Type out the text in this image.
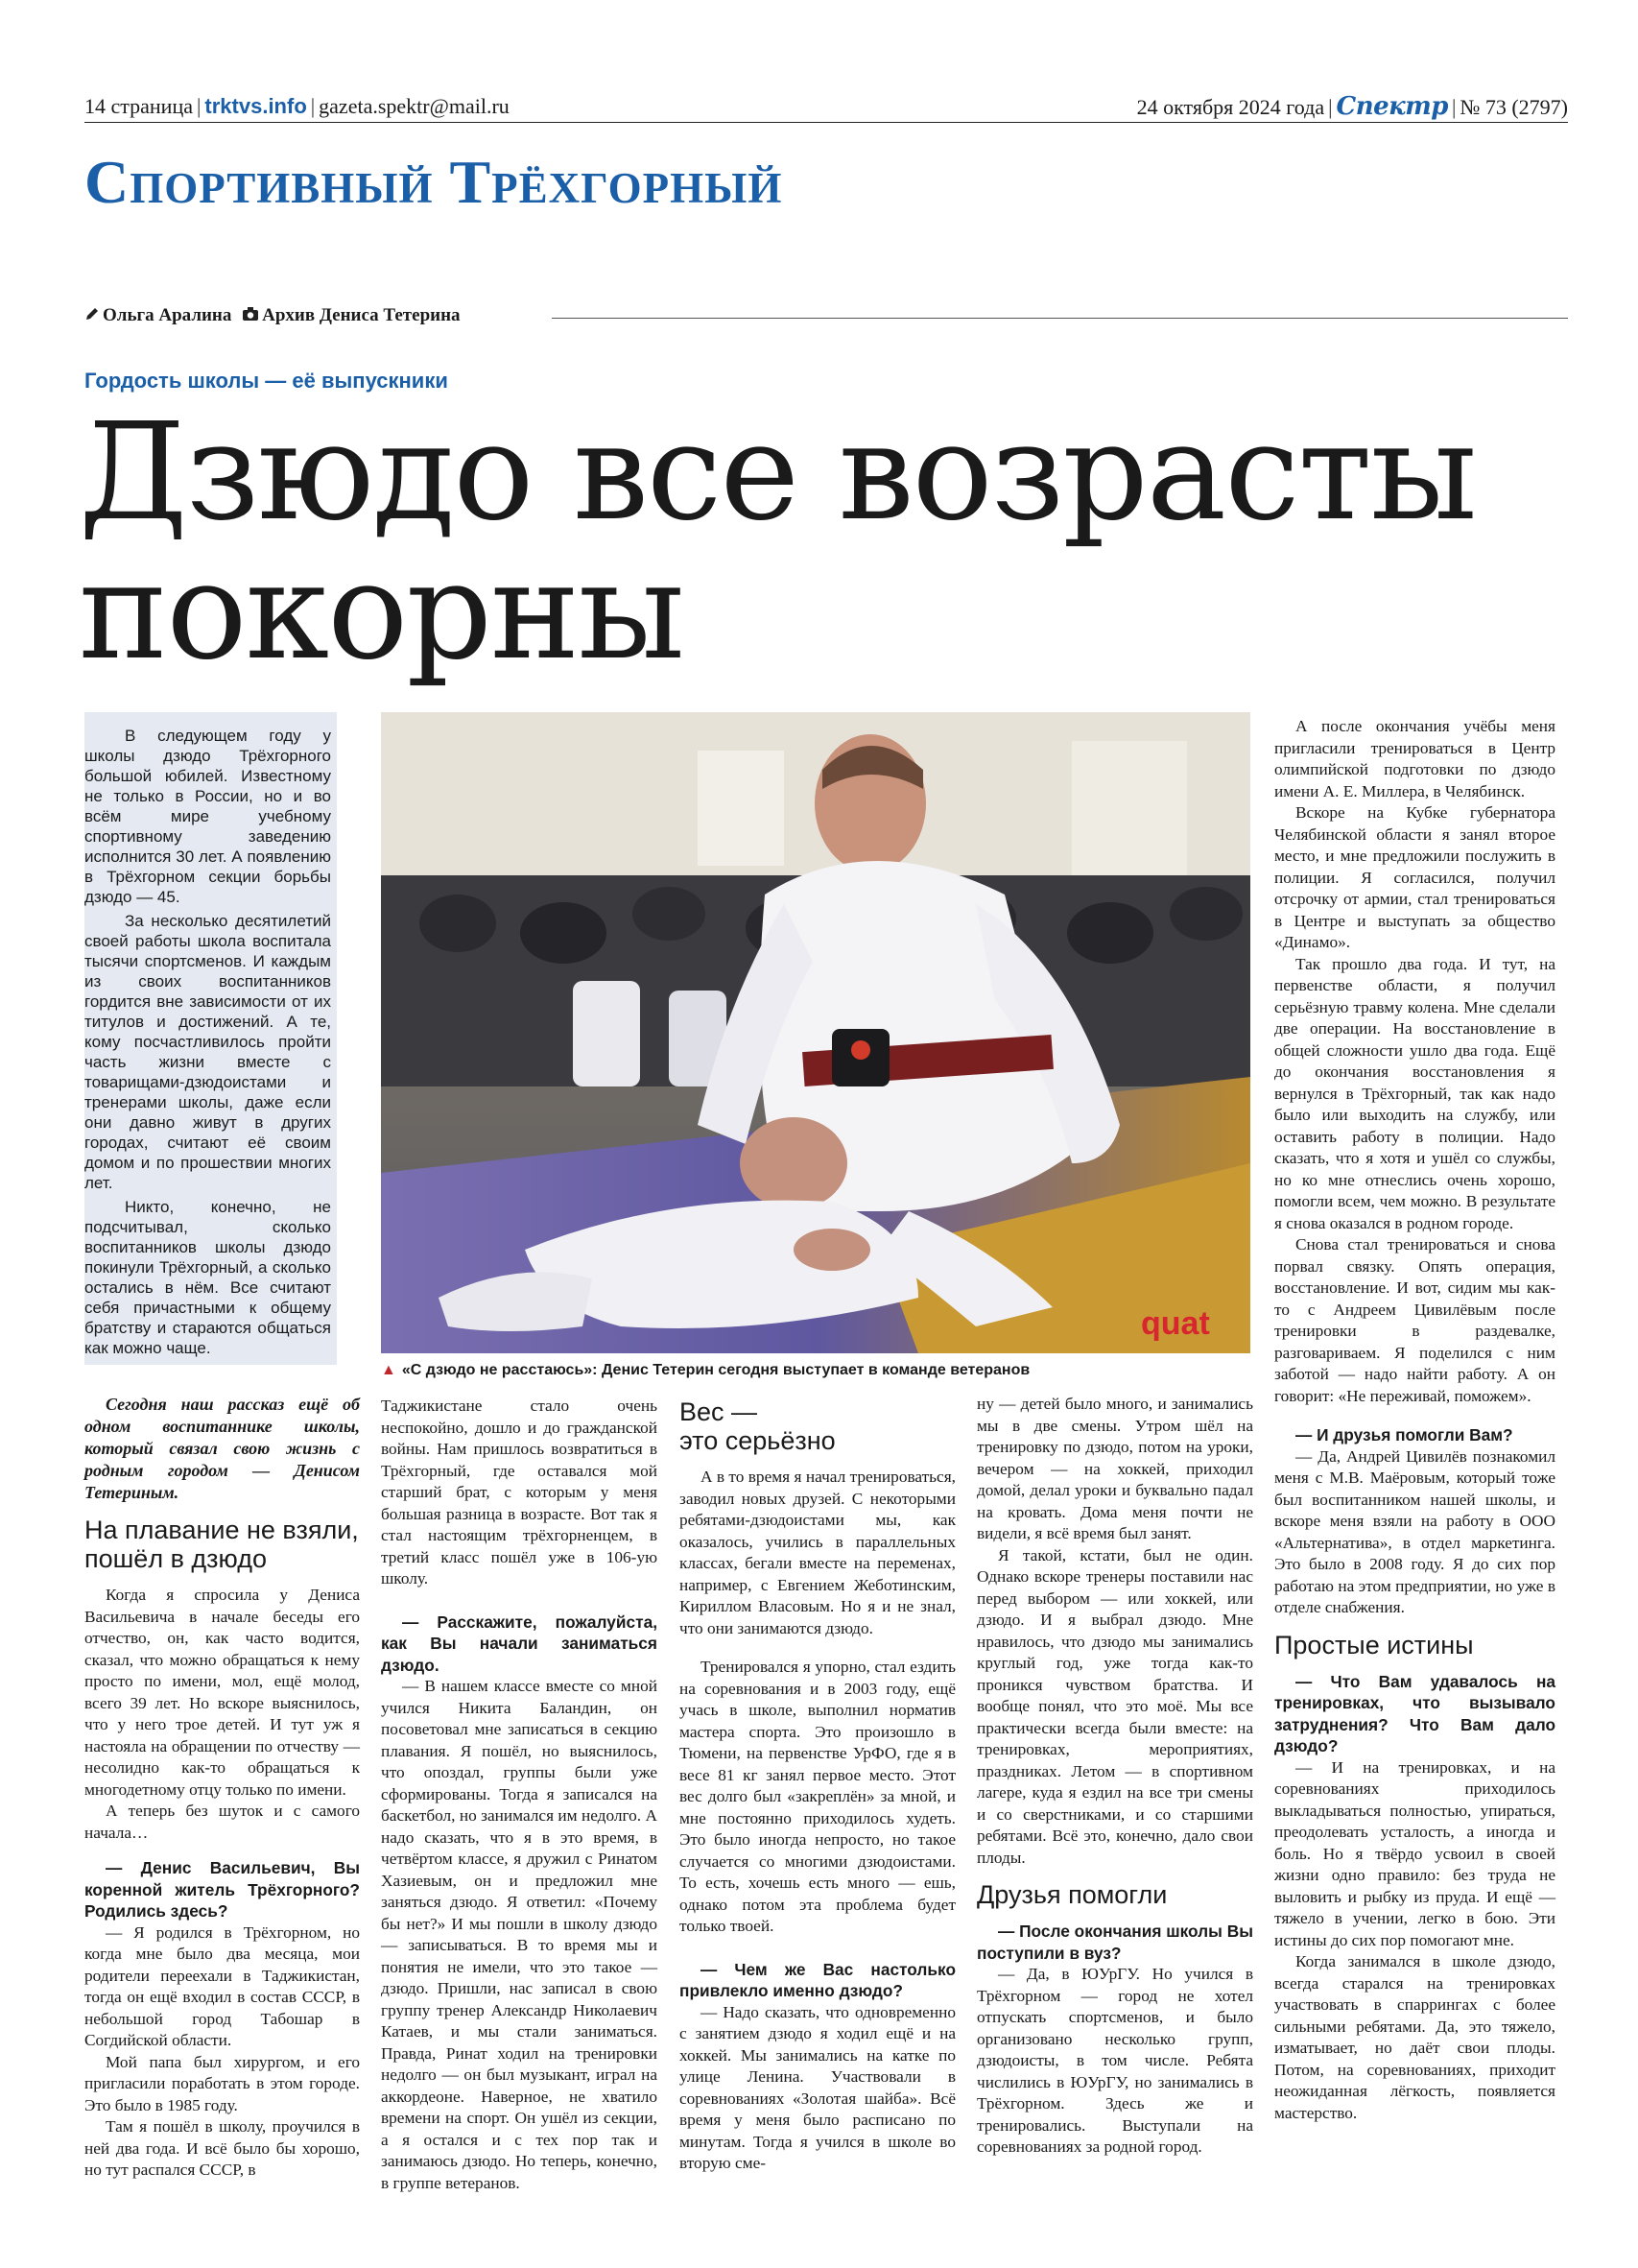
14 страница | trktvs.info | gazeta.spektr@mail.ru	24 октября 2024 года | Спектр | № 73 (2797)
Спортивный Трёхгорный
Ольга Аралина Архив Дениса Тетерина
Гордость школы — её выпускники
Дзюдо все возрасты покорны

В следующем году у школы дзюдо Трёхгорного большой юбилей. Известному не только в России, но и во всём мире учебному спортивному заведению исполнится 30 лет. А появлению в Трёхгорном секции борьбы дзюдо — 45.

За несколько десятилетий своей работы школа воспитала тысячи спортсменов. И каждым из своих воспитанников гордится вне зависимости от их титулов и достижений. А те, кому посчастливилось пройти часть жизни вместе с товарищами-дзюдоистами и тренерами школы, даже если они давно живут в других городах, считают её своим домом и по прошествии многих лет.

Никто, конечно, не подсчитывал, сколько воспитанников школы дзюдо покинули Трёхгорный, а сколько остались в нём. Все считают себя причастными к общему братству и стараются общаться как можно чаще.

quat
▲ «С дзюдо не расстаюсь»: Денис Тетерин сегодня выступает в команде ветеранов

Сегодня наш рассказ ещё об одном воспитаннике школы, который связал свою жизнь с родным городом — Денисом Тетериным.

На плавание не взяли, пошёл в дзюдо

Когда я спросила у Дениса Васильевича в начале беседы его отчество, он, как часто водится, сказал, что можно обращаться к нему просто по имени, мол, ещё молод, всего 39 лет. Но вскоре выяснилось, что у него трое детей. И тут уж я настояла на обращении по отчеству — несолидно как-то обращаться к многодетному отцу только по имени.

А теперь без шуток и с самого начала…

— Денис Васильевич, Вы коренной житель Трёхгорного? Родились здесь?

— Я родился в Трёхгорном, но когда мне было два месяца, мои родители переехали в Таджикистан, тогда он ещё входил в состав СССР, в небольшой город Табошар в Согдийской области.

Мой папа был хирургом, и его пригласили поработать в этом городе. Это было в 1985 году.

Там я пошёл в школу, проучился в ней два года. И всё было бы хорошо, но тут распался СССР, в

Таджикистане стало очень неспокойно, дошло и до гражданской войны. Нам пришлось возвратиться в Трёхгорный, где оставался мой старший брат, с которым у меня большая разница в возрасте. Вот так я стал настоящим трёхгорненцем, в третий класс пошёл уже в 106-ую школу.

— Расскажите, пожалуйста, как Вы начали заниматься дзюдо.

— В нашем классе вместе со мной учился Никита Баландин, он посоветовал мне записаться в секцию плавания. Я пошёл, но выяснилось, что опоздал, группы были уже сформированы. Тогда я записался на баскетбол, но занимался им недолго. А надо сказать, что я в это время, в четвёртом классе, я дружил с Ринатом Хазиевым, он и предложил мне заняться дзюдо. Я ответил: «Почему бы нет?» И мы пошли в школу дзюдо — записываться. В то время мы и понятия не имели, что это такое — дзюдо. Пришли, нас записал в свою группу тренер Александр Николаевич Катаев, и мы стали заниматься. Правда, Ринат ходил на тренировки недолго — он был музыкант, играл на аккордеоне. Наверное, не хватило времени на спорт. Он ушёл из секции, а я остался и с тех пор так и занимаюсь дзюдо. Но теперь, конечно, в группе ветеранов.

Вес —
это серьёзно

А в то время я начал тренироваться, заводил новых друзей. С некоторыми ребятами-дзюдоистами мы, как оказалось, учились в параллельных классах, бегали вместе на переменах, например, с Евгением Жеботинским, Кириллом Власовым. Но я и не знал, что они занимаются дзюдо.

Тренировался я упорно, стал ездить на соревнования и в 2003 году, ещё учась в школе, выполнил норматив мастера спорта. Это произошло в Тюмени, на первенстве УрФО, где я в весе 81 кг занял первое место. Этот вес долго был «закреплён» за мной, и мне постоянно приходилось худеть. Это было иногда непросто, но такое случается со многими дзюдоистами. То есть, хочешь есть много — ешь, однако потом эта проблема будет только твоей.

— Чем же Вас настолько привлекло именно дзюдо?

— Надо сказать, что одновременно с занятием дзюдо я ходил ещё и на хоккей. Мы занимались на катке по улице Ленина. Участвовали в соревнованиях «Золотая шайба». Всё время у меня было расписано по минутам. Тогда я учился в школе во вторую сме-

ну — детей было много, и занимались мы в две смены. Утром шёл на тренировку по дзюдо, потом на уроки, вечером — на хоккей, приходил домой, делал уроки и буквально падал на кровать. Дома меня почти не видели, я всё время был занят.

Я такой, кстати, был не один. Однако вскоре тренеры поставили нас перед выбором — или хоккей, или дзюдо. И я выбрал дзюдо. Мне нравилось, что дзюдо мы занимались круглый год, уже тогда как-то проникся чувством братства. И вообще понял, что это моё. Мы все практически всегда были вместе: на тренировках, мероприятиях, праздниках. Летом — в спортивном лагере, куда я ездил на все три смены и со сверстниками, и со старшими ребятами. Всё это, конечно, дало свои плоды.

Друзья помогли

— После окончания школы Вы поступили в вуз?

— Да, в ЮУрГУ. Но учился в Трёхгорном — город не хотел отпускать спортсменов, и было организовано несколько групп, дзюдоисты, в том числе. Ребята числились в ЮУрГУ, но занимались в Трёхгорном. Здесь же и тренировались. Выступали на соревнованиях за родной город.

А после окончания учёбы меня пригласили тренироваться в Центр олимпийской подготовки по дзюдо имени А. Е. Миллера, в Челябинск.

Вскоре на Кубке губернатора Челябинской области я занял второе место, и мне предложили послужить в полиции. Я согласился, получил отсрочку от армии, стал тренироваться в Центре и выступать за общество «Динамо».

Так прошло два года. И тут, на первенстве области, я получил серьёзную травму колена. Мне сделали две операции. На восстановление в общей сложности ушло два года. Ещё до окончания восстановления я вернулся в Трёхгорный, так как надо было или выходить на службу, или оставить работу в полиции. Надо сказать, что я хотя и ушёл со службы, но ко мне отнеслись очень хорошо, помогли всем, чем можно. В результате я снова оказался в родном городе.

Снова стал тренироваться и снова порвал связку. Опять операция, восстановление. И вот, сидим мы как-то с Андреем Цивилёвым после тренировки в раздевалке, разговариваем. Я поделился с ним заботой — надо найти работу. А он говорит: «Не переживай, поможем».

— И друзья помогли Вам?

— Да, Андрей Цивилёв познакомил меня с М.В. Маёровым, который тоже был воспитанником нашей школы, и вскоре меня взяли на работу в ООО «Альтернатива», в отдел маркетинга. Это было в 2008 году. Я до сих пор работаю на этом предприятии, но уже в отделе снабжения.

Простые истины

— Что Вам удавалось на тренировках, что вызывало затруднения? Что Вам дало дзюдо?

— И на тренировках, и на соревнованиях приходилось выкладываться полностью, упираться, преодолевать усталость, а иногда и боль. Но я твёрдо усвоил в своей жизни одно правило: без труда не выловить и рыбку из пруда. И ещё — тяжело в учении, легко в бою. Эти истины до сих пор помогают мне.

Когда занимался в школе дзюдо, всегда старался на тренировках участвовать в спаррингах с более сильными ребятами. Да, это тяжело, изматывает, но даёт свои плоды. Потом, на соревнованиях, приходит неожиданная лёгкость, появляется мастерство.
